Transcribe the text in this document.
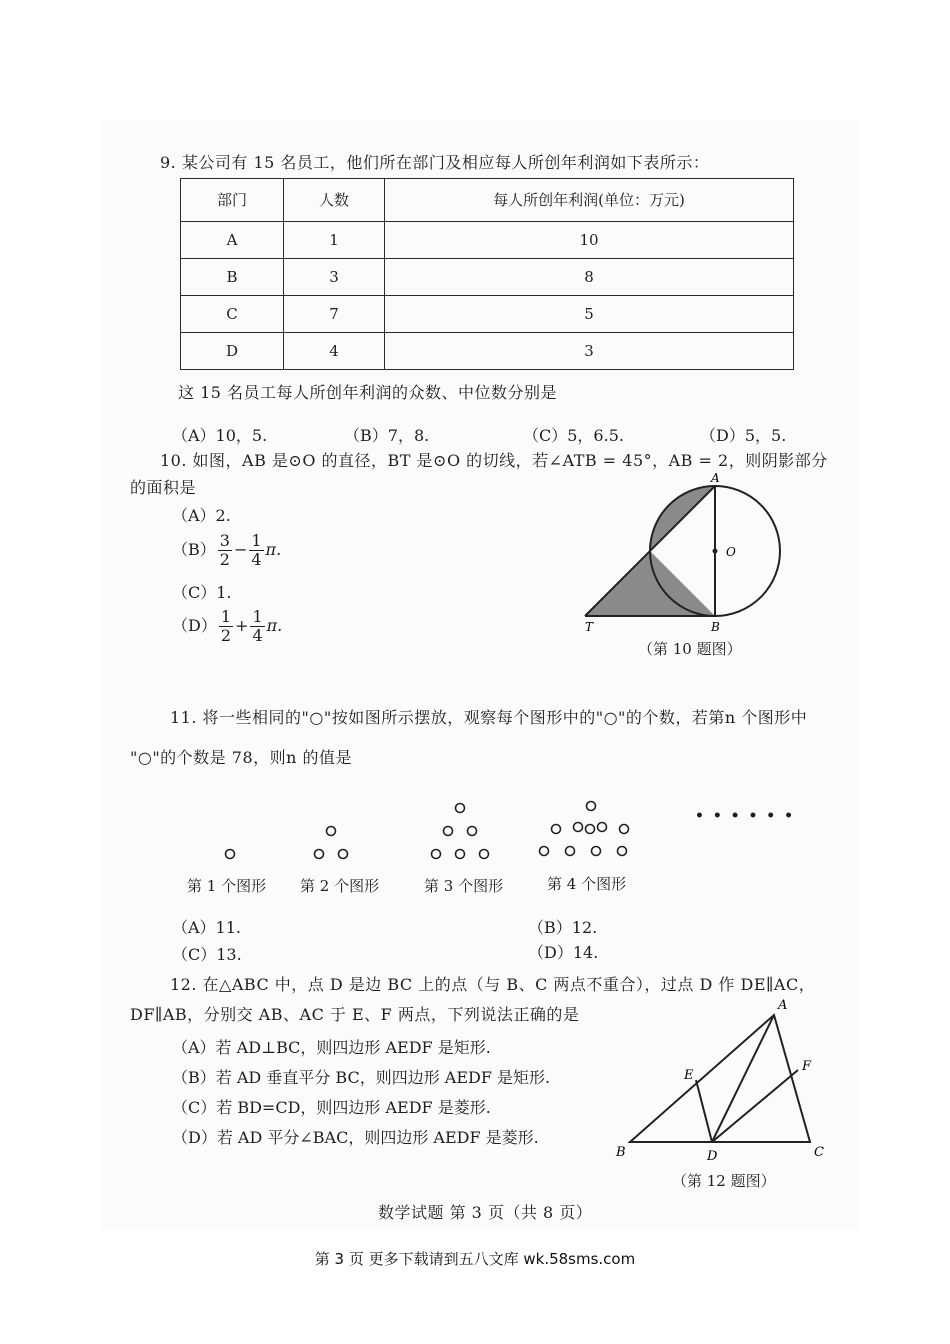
9. 某公司有 15 名员工，他们所在部门及相应每人所创年利润如下表所示：
部门	人数	每人所创年利润(单位：万元)
A	1	10
B	3	8
C	7	5
D	4	3
这 15 名员工每人所创年利润的众数、中位数分别是
（A）10，5.	（B）7，8.	（C）5，6.5.	（D）5，5.
10. 如图，AB 是⊙O 的直径，BT 是⊙O 的切线，若∠ATB = 45°，AB = 2，则阴影部分
的面积是
（A）2.
$(B) \frac{3}{2} - \frac{1}{4} \pi$.
（C）1.
$(D) \frac{1}{2} + \frac{1}{4} \pi$.
A
O
B
T
（第 10 题图）
11. 将一些相同的"○"按如图所示摆放，观察每个图形中的"○"的个数，若第n 个图形中
"○"的个数是 78，则n 的值是
• • • • • •
第 1 个图形 第 2 个图形	第 3 个图形	第 4 个图形
（A）11.	（B）12.
（C）13.	（D）14.
12. 在△ABC 中，点 D 是边 BC 上的点（与 B、C 两点不重合），过点 D 作 DE∥AC，
DF∥AB，分别交 AB、AC 于 E、F 两点，下列说法正确的是
（A）若 AD⊥BC，则四边形 AEDF 是矩形.
（B）若 AD 垂直平分 BC，则四边形 AEDF 是矩形.
（C）若 BD=CD，则四边形 AEDF 是菱形.
（D）若 AD 平分∠BAC，则四边形 AEDF 是菱形.
A
E
F
B	D	C
（第 12 题图）
数学试题 第 3 页（共 8 页）
第 3 页 更多下载请到五八文库 wk.58sms.com
